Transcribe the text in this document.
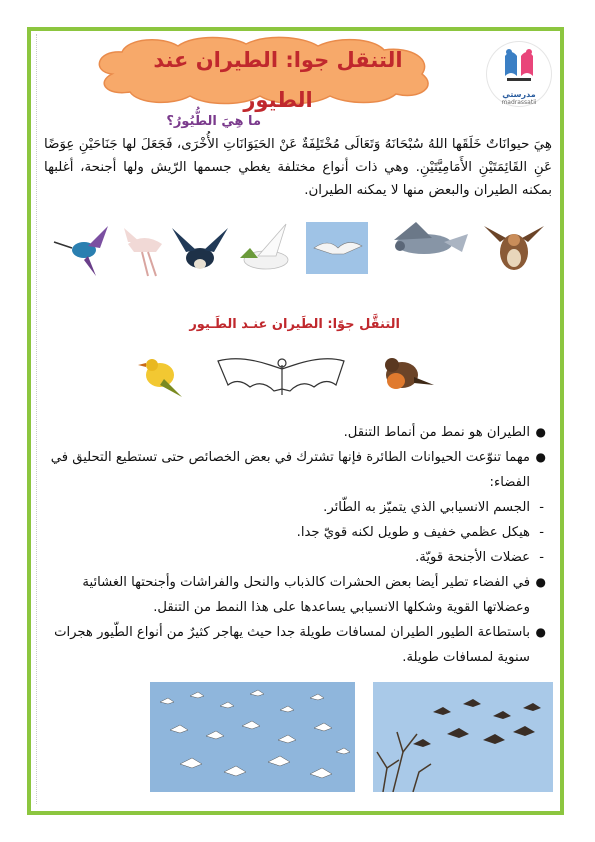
التنقل جوا: الطيران عند الطيور	مدرستي
madrassatii
ما هِيَ الطُّيُورُ؟
هِيَ حيوانَاتٌ خَلَقَها اللهُ سُبْحَانَهُ وَتَعَالَى مُخْتَلِفَةٌ عَنْ الحَيَوَانَاتِ الأُخْرَى، فَجَعَلَ لها جَنَاحَيْنِ عِوَضًا عَنِ القَائِمَتَيْنِ الأَمَامِيَّتَيْنِ. وهي ذات أنواع مختلفة يغطي جسمها الرّيش ولها أجنحة، أغلبها بمكنه الطيران والبعض منها لا يمكنه الطيران.
التنقَّل جوًا: الطَيران عنـد الطَـيور
●
الطيران هو نمط من أنماط التنقل.
●
مهما تنوّعت الحيوانات الطائرة فإنها تشترك في بعض الخصائص حتى تستطيع التحليق في الفضاء:
-
الجسم الانسيابي الذي يتميّز به الطّائر.
-
هيكل عظمي خفيف و طويل لكنه قويّ جدا.
-
عضلات الأجنحة قويّة.
●
في الفضاء تطير أيضا بعض الحشرات كالذباب والنحل والفراشات وأجنحتها الغشائية وعضلاتها القوية وشكلها الانسيابي يساعدها على هذا النمط من التنقل.
●
باستطاعة الطيور الطيران لمسافات طويلة جدا حيث يهاجر كثيرٌ من أنواع الطّيور هجرات سنوية لمسافات طويلة.
